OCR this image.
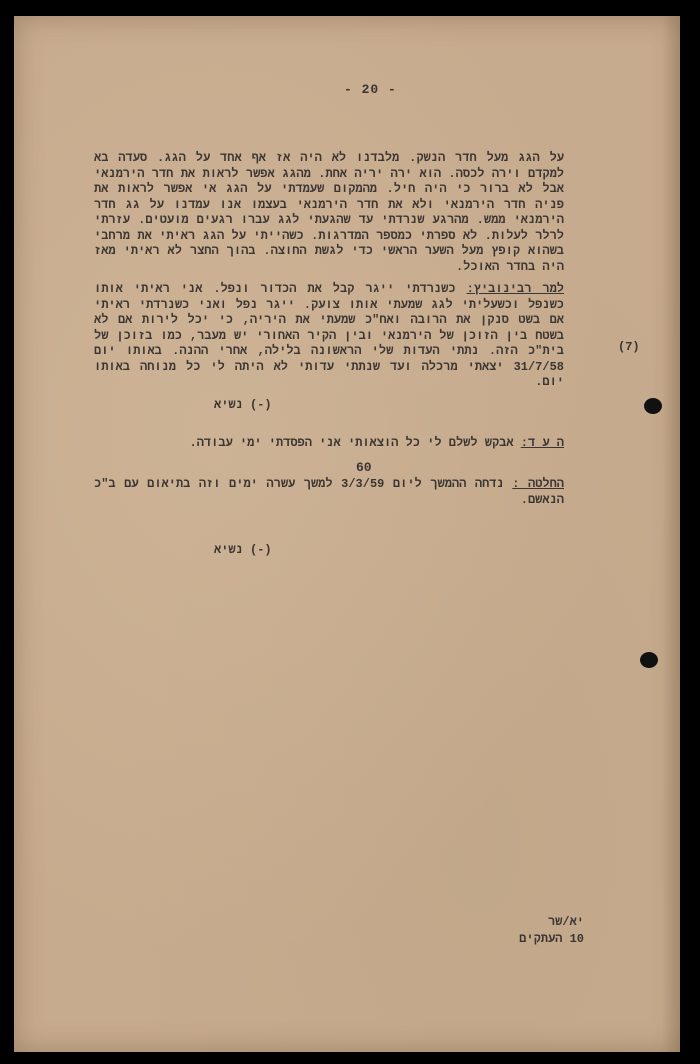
- 20 -
על הגג מעל חדר הנשק. מלבדנו לא היה אז אף אחד על הגג. סעדה בא למקדם וירה לכסה. הוא ירה יריה אחת. מהגג אפשר לראות את חדר הירמנאי אבל לא ברור כי היה חיל. מהמקום שעמדתי על הגג אי אפשר לראות את פניה חדר הירמנאי ולא את חדר הירמנאי בעצמו אנו עמדנו על גג חדר הירמנאי ממש. מהרגע שנרדתי עד שהגעתי לגג עברו רגעים מועטים. עזרתי לרלר לעלות. לא ספרתי כמספר המדרגות. כשהייתי על הגג ראיתי את מרחבי בשהוא קופץ מעל השער הראשי כדי לגשת החוצה. בהוך החצר לא ראיתי מאז היה בחדר האוכל.
למר רבינוביץ: כשנרדתי ייגר קבל את הכדור ונפל. אני ראיתי אותו כשנפל וכשעליתי לגג שמעתי אותו צועק. ייגר נפל ואני כשנרדתי ראיתי אם בשט סנקן את הרובה ואח"כ שמעתי את היריה, כי יכל לירות אם לא בשטח בין הזוכן של הירמנאי ובין הקיר האחורי יש מעבר, כמו בזוכן של בית"כ הזה. נתתי העדות שלי הראשונה בלילה, אחרי ההנה. באותו יום 31/7/58 יצאתי מרכלה ועד שנתתי עדותי לא היתה לי כל מנוחה באותו יום.
(7)
(-) נשיא
ה ע ד: אבקש לשלם לי כל הוצאותי אני הפסדתי ימי עבודה.
60
החלטה : נדחה ההמשך ליום 3/3/59 למשך עשרה ימים וזה בתיאום עם ב"כ הנאשם.
(-) נשיא
יא/שר
10 העתקים
